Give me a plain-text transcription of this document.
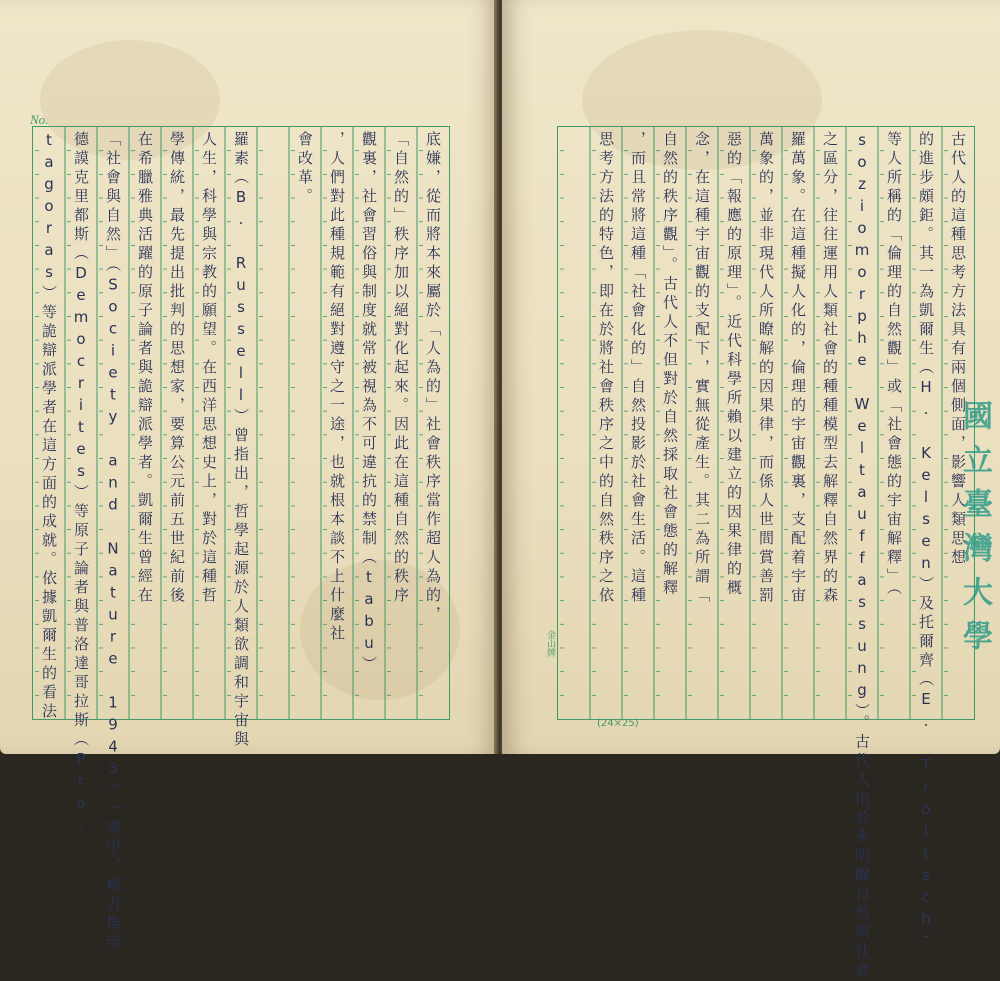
No.
底嫌，從而將本來屬於「人為的」社會秩序當作超人為的，
「自然的」秩序加以絕對化起來。因此在這種自然的秩序
觀裏，社會習俗與制度就常被視為不可違抗的禁制（tabu）
，人們對此種規範有絕對遵守之一途，也就根本談不上什麼社
會改革。
羅素（B. Russell）曾指出，哲學起源於人類欲調和宇宙與
人生，科學與宗教的願望。在西洋思想史上，對於這種哲
學傳統，最先提出批判的思想家，要算公元前五世紀前後
在希臘雅典活躍的原子論者與詭辯派學者。凱爾生曾經在
「社會與自然」（Society and Nature 1943）一書中，極力推崇
德謨克里都斯（Democrites）等原子論者與普洛達哥拉斯（Pro-
tagoras）等詭辯派學者在這方面的成就。依據凱爾生的看法	古代人的這種思考方法具有兩個側面，影響人類思想
的進步頗鉅。其一為凱爾生（H. Kelsen）及托爾齊（E. Troltsch）
等人所稱的「倫理的自然觀」或「社會態的宇宙解釋」（
soziomorphe Weltauffassung）。古代人由於未明瞭自然與社會
之區分，往往運用人類社會的種種模型去解釋自然界的森
羅萬象。在這種擬人化的，倫理的宇宙觀裏，支配着宇宙
萬象的，並非現代人所瞭解的因果律，而係人世間賞善罰
惡的「報應的原理」。近代科學所賴以建立的因果律的概
念，在這種宇宙觀的支配下，實無從產生。其二為所謂「
自然的秩序觀」。古代人不但對於自然採取社會態的解釋
，而且常將這種「社會化的」自然投影於社會生活。這種
思考方法的特色，即在於將社會秩序之中的自然秩序之依
(24×25)
金山牌	國立臺灣大學
